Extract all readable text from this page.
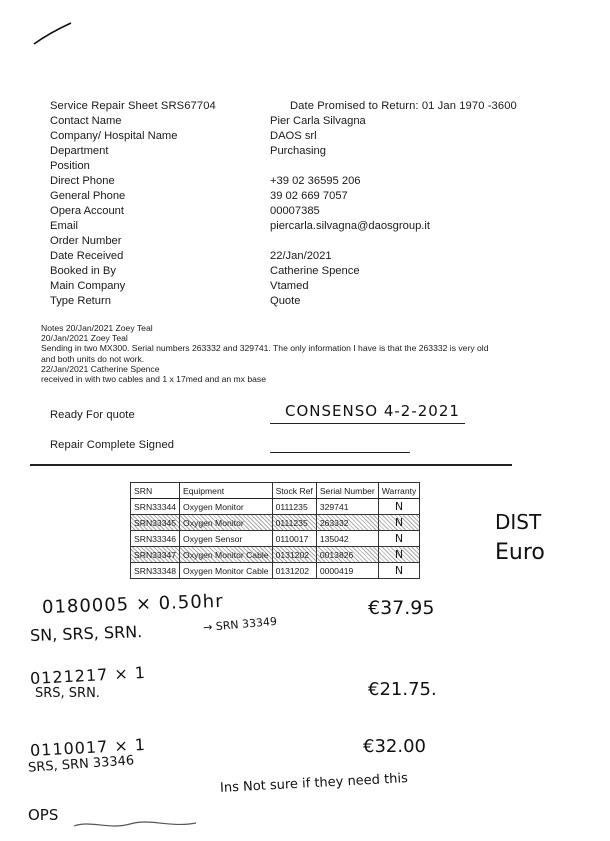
Service Repair Sheet SRS67704	Date Promised to Return: 01 Jan 1970 -3600
Contact Name	Pier Carla Silvagna
Company/ Hospital Name	DAOS srl
Department	Purchasing
Position
Direct Phone	+39 02 36595 206
General Phone	39 02 669 7057
Opera Account	00007385
Email	piercarla.silvagna@daosgroup.it
Order Number
Date Received	22/Jan/2021
Booked in By	Catherine Spence
Main Company	Vtamed
Type Return	Quote
Notes 20/Jan/2021 Zoey Teal
20/Jan/2021 Zoey Teal
Sending in two MX300. Serial numbers 263332 and 329741. The only information I have is that the 263332 is very old
and both units do not work.
22/Jan/2021 Catherine Spence
received in with two cables and 1 x 17med and an mx base
Ready For quote	CONSENSO 4-2-2021
Repair Complete Signed
SRN	Equipment	Stock Ref	Serial Number	Warranty
SRN33344	Oxygen Monitor	0111235	329741	N
SRN33345	Oxygen Monitor	0111235	263332	N
SRN33346	Oxygen Sensor	0110017	135042	N
SRN33347	Oxygen Monitor Cable	0131202	0013826	N
SRN33348	Oxygen Monitor Cable	0131202	0000419	N
DIST
Euro
0180005 × 0.50hr	€37.95
SN, SRS, SRN.	→ SRN 33349
0121217 × 1
€21.75.
SRS, SRN.
0110017 × 1	€32.00
SRS, SRN 33346
Ins Not sure if they need this
OPS
